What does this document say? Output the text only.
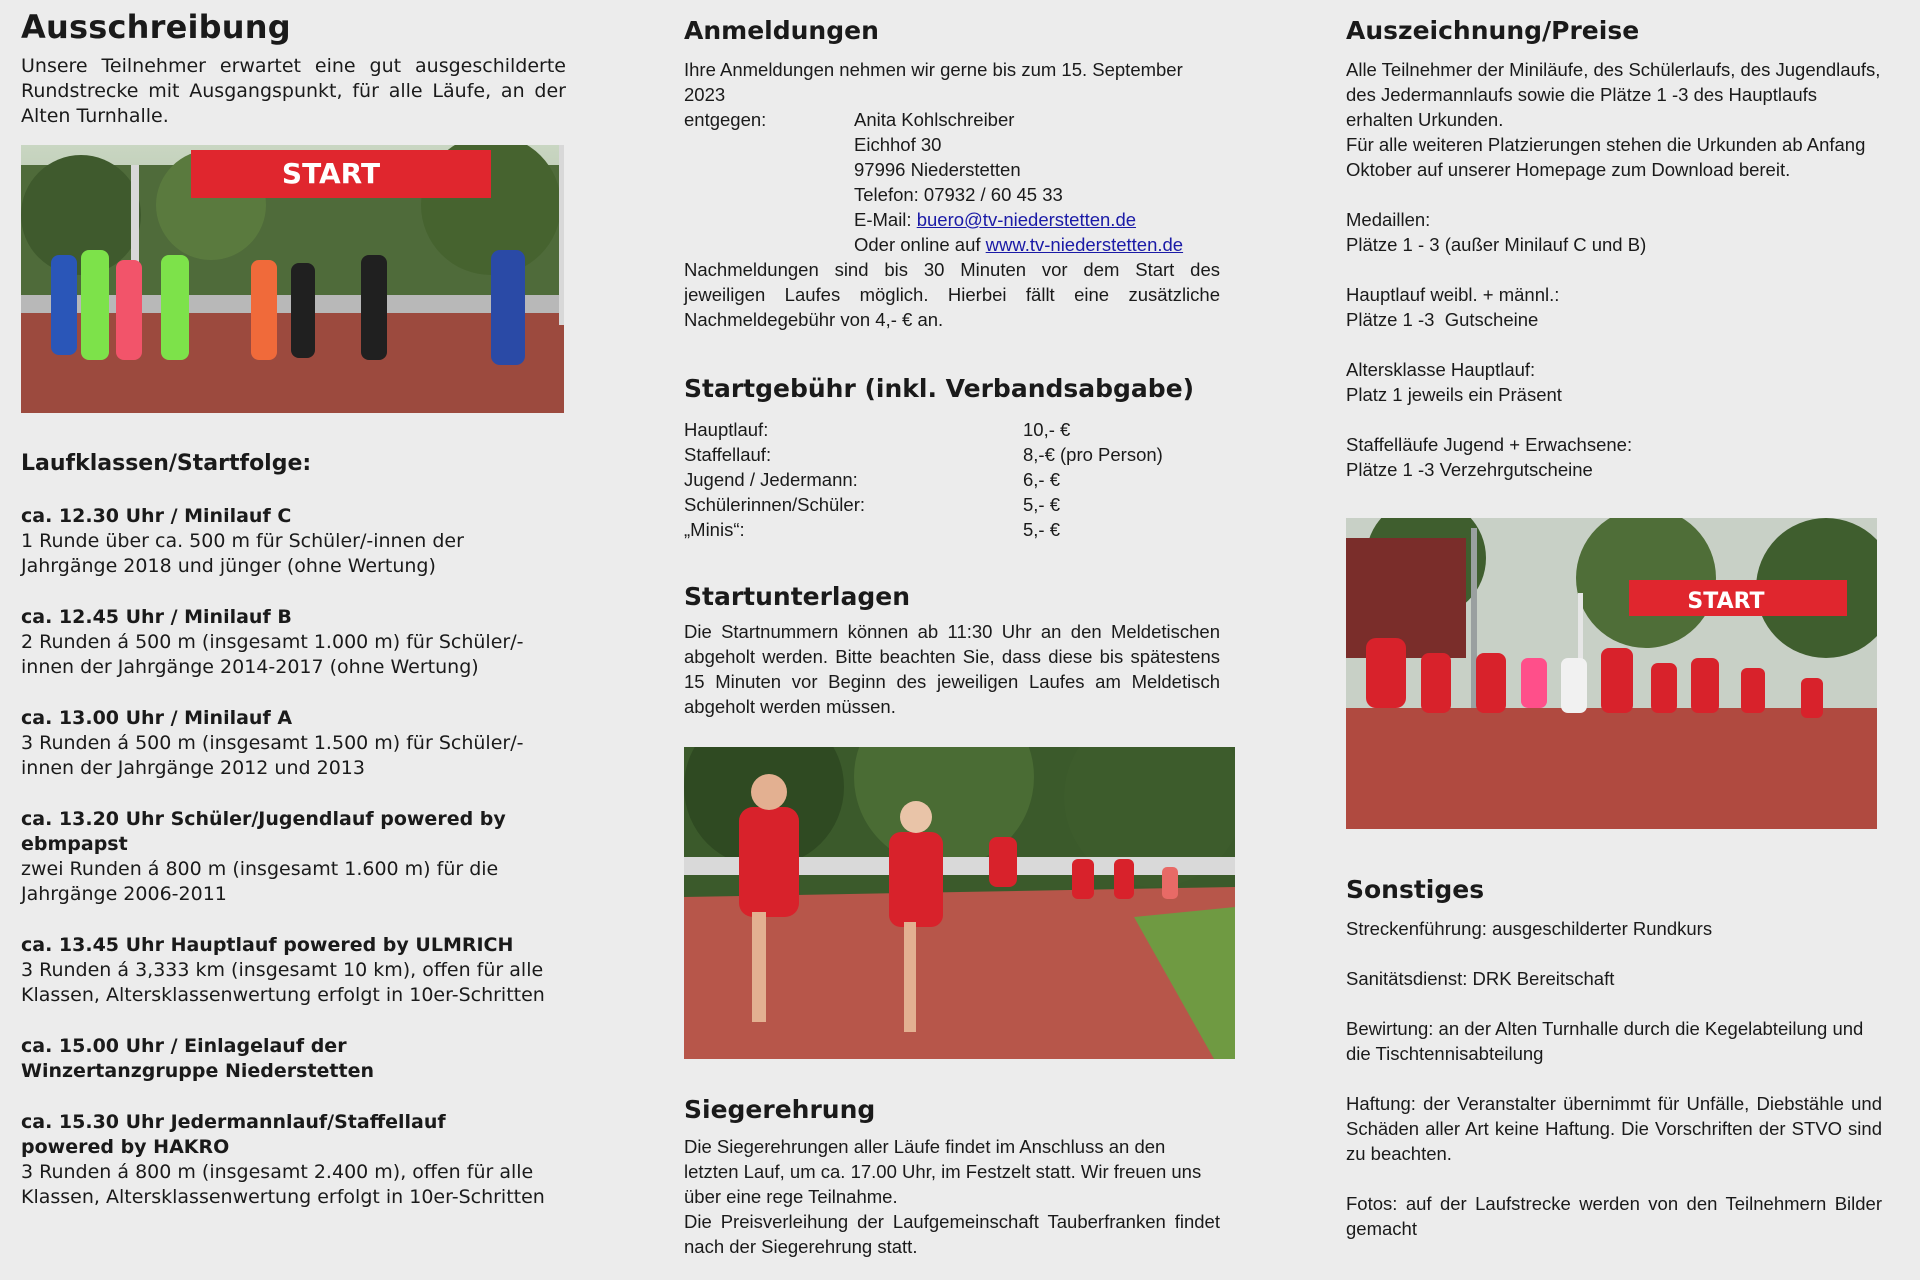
Ausschreibung

Unsere Teilnehmer erwartet eine gut ausgeschilderte Rundstrecke mit Ausgangspunkt, für alle Läufe, an der Alten Turnhalle.

START
Laufklassen/Startfolge:
ca. 12.30 Uhr / Minilauf C
1 Runde über ca. 500 m für Schüler/-innen der Jahrgänge 2018 und jünger (ohne Wertung)
ca. 12.45 Uhr / Minilauf B
2 Runden á 500 m (insgesamt 1.000 m) für Schüler/-innen der Jahrgänge 2014-2017 (ohne Wertung)
ca. 13.00 Uhr / Minilauf A
3 Runden á 500 m (insgesamt 1.500 m) für Schüler/-innen der Jahrgänge 2012 und 2013
ca. 13.20 Uhr Schüler/Jugendlauf powered by ebmpapst
zwei Runden á 800 m (insgesamt 1.600 m) für die Jahrgänge 2006-2011
ca. 13.45 Uhr Hauptlauf powered by ULMRICH
3 Runden á 3,333 km (insgesamt 10 km), offen für alle Klassen, Altersklassenwertung erfolgt in 10er-Schritten
ca. 15.00 Uhr / Einlagelauf der Winzertanzgruppe Niederstetten
ca. 15.30 Uhr Jedermannlauf/Staffellauf powered by HAKRO
3 Runden á 800 m (insgesamt 2.400 m), offen für alle Klassen, Altersklassenwertung erfolgt in 10er-Schritten
Anmeldungen
Ihre Anmeldungen nehmen wir gerne bis zum 15. September 2023
entgegen:	Anita Kohlschreiber
Eichhof 30
97996 Niederstetten
Telefon: 07932 / 60 45 33
E-Mail: buero@tv-niederstetten.de
Oder online auf www.tv-niederstetten.de
Nachmeldungen sind bis 30 Minuten vor dem Start des jeweiligen Laufes möglich. Hierbei fällt eine zusätzliche Nachmeldegebühr von 4,- € an.
Startgebühr (inkl. Verbandsabgabe)
Hauptlauf:	10,- €
Staffellauf:	8,-€ (pro Person)
Jugend / Jedermann:	6,- €
Schülerinnen/Schüler:	5,- €
„Minis“:	5,- €
Startunterlagen
Die Startnummern können ab 11:30 Uhr an den Meldetischen abgeholt werden. Bitte beachten Sie, dass diese bis spätestens 15 Minuten vor Beginn des jeweiligen Laufes am Meldetisch abgeholt werden müssen.
Siegerehrung
Die Siegerehrungen aller Läufe findet im Anschluss an den letzten Lauf, um ca. 17.00 Uhr, im Festzelt statt. Wir freuen uns über eine rege Teilnahme.
Die Preisverleihung der Laufgemeinschaft Tauberfranken findet nach der Siegerehrung statt.
Auszeichnung/Preise
Alle Teilnehmer der Miniläufe, des Schülerlaufs, des Jugendlaufs, des Jedermannlaufs sowie die Plätze 1 -3 des Hauptlaufs erhalten Urkunden.
Für alle weiteren Platzierungen stehen die Urkunden ab Anfang Oktober auf unserer Homepage zum Download bereit.
Medaillen:
Plätze 1 - 3 (außer Minilauf C und B)
Hauptlauf weibl. + männl.:
Plätze 1 -3  Gutscheine
Altersklasse Hauptlauf:
Platz 1 jeweils ein Präsent
Staffelläufe Jugend + Erwachsene:
Plätze 1 -3 Verzehrgutscheine
START
Sonstiges
Streckenführung: ausgeschilderter Rundkurs
Sanitätsdienst: DRK Bereitschaft
Bewirtung: an der Alten Turnhalle durch die Kegelabteilung und die Tischtennisabteilung
Haftung: der Veranstalter übernimmt für Unfälle, Diebstähle und Schäden aller Art keine Haftung. Die Vorschriften der STVO sind zu beachten.
Fotos: auf der Laufstrecke werden von den Teilnehmern Bilder gemacht
